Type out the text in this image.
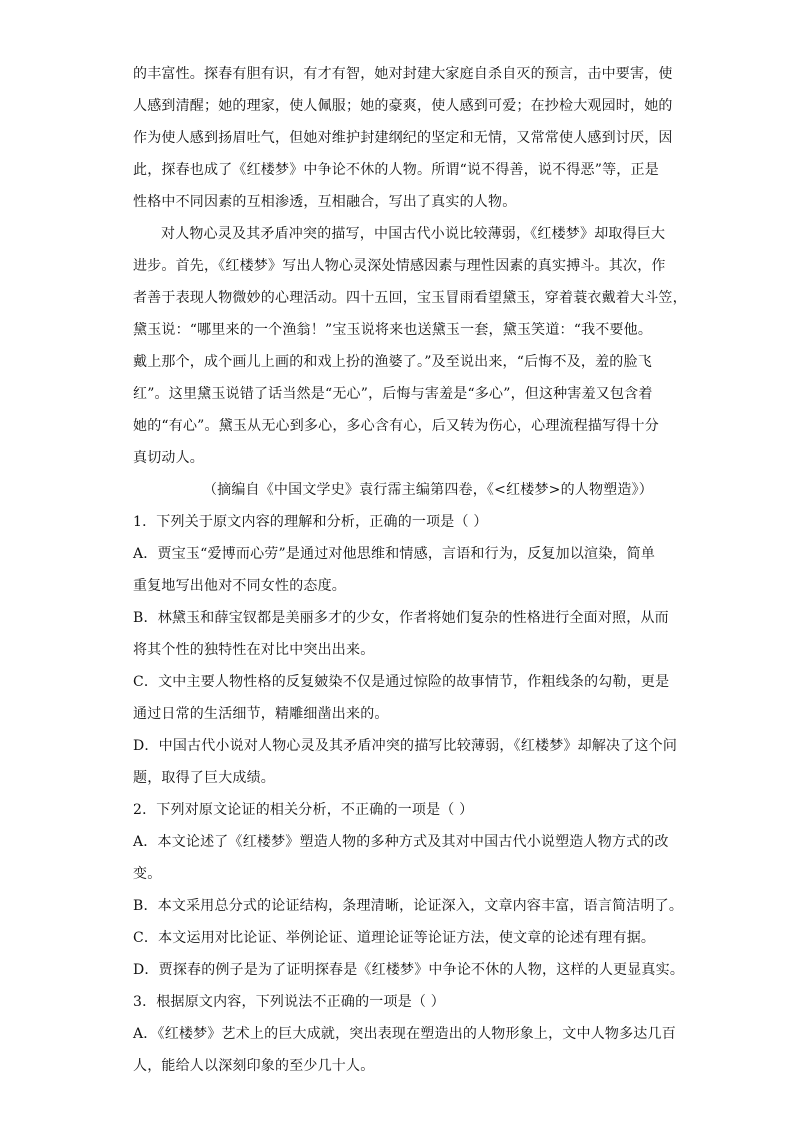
的丰富性。探春有胆有识，有才有智，她对封建大家庭自杀自灭的预言，击中要害，使
人感到清醒；她的理家，使人佩服；她的豪爽，使人感到可爱；在抄检大观园时，她的
作为使人感到扬眉吐气，但她对维护封建纲纪的坚定和无情，又常常使人感到讨厌，因
此，探春也成了《红楼梦》中争论不休的人物。所谓“说不得善，说不得恶”等，正是
性格中不同因素的互相渗透，互相融合，写出了真实的人物。
对人物心灵及其矛盾冲突的描写，中国古代小说比较薄弱，《红楼梦》却取得巨大
进步。首先，《红楼梦》写出人物心灵深处情感因素与理性因素的真实搏斗。其次，作
者善于表现人物微妙的心理活动。四十五回，宝玉冒雨看望黛玉，穿着蓑衣戴着大斗笠，
黛玉说：“哪里来的一个渔翁！”宝玉说将来也送黛玉一套，黛玉笑道：“我不要他。
戴上那个，成个画儿上画的和戏上扮的渔婆了。”及至说出来，“后悔不及，羞的脸飞
红”。这里黛玉说错了话当然是“无心”，后悔与害羞是“多心”，但这种害羞又包含着
她的“有心”。黛玉从无心到多心，多心含有心，后又转为伤心，心理流程描写得十分
真切动人。
（摘编自《中国文学史》袁行霈主编第四卷，《<红楼梦>的人物塑造》）
1．下列关于原文内容的理解和分析，正确的一项是（ ）
A．贾宝玉“爱博而心劳”是通过对他思维和情感，言语和行为，反复加以渲染，简单
重复地写出他对不同女性的态度。
B．林黛玉和薛宝钗都是美丽多才的少女，作者将她们复杂的性格进行全面对照，从而
将其个性的独特性在对比中突出出来。
C．文中主要人物性格的反复皴染不仅是通过惊险的故事情节，作粗线条的勾勒，更是
通过日常的生活细节，精雕细凿出来的。
D．中国古代小说对人物心灵及其矛盾冲突的描写比较薄弱，《红楼梦》却解决了这个问
题，取得了巨大成绩。
2．下列对原文论证的相关分析，不正确的一项是（ ）
A．本文论述了《红楼梦》塑造人物的多种方式及其对中国古代小说塑造人物方式的改
变。
B．本文采用总分式的论证结构，条理清晰，论证深入，文章内容丰富，语言简洁明了。
C．本文运用对比论证、举例论证、道理论证等论证方法，使文章的论述有理有据。
D．贾探春的例子是为了证明探春是《红楼梦》中争论不休的人物，这样的人更显真实。
3．根据原文内容，下列说法不正确的一项是（ ）
A．《红楼梦》艺术上的巨大成就，突出表现在塑造出的人物形象上，文中人物多达几百
人，能给人以深刻印象的至少几十人。
